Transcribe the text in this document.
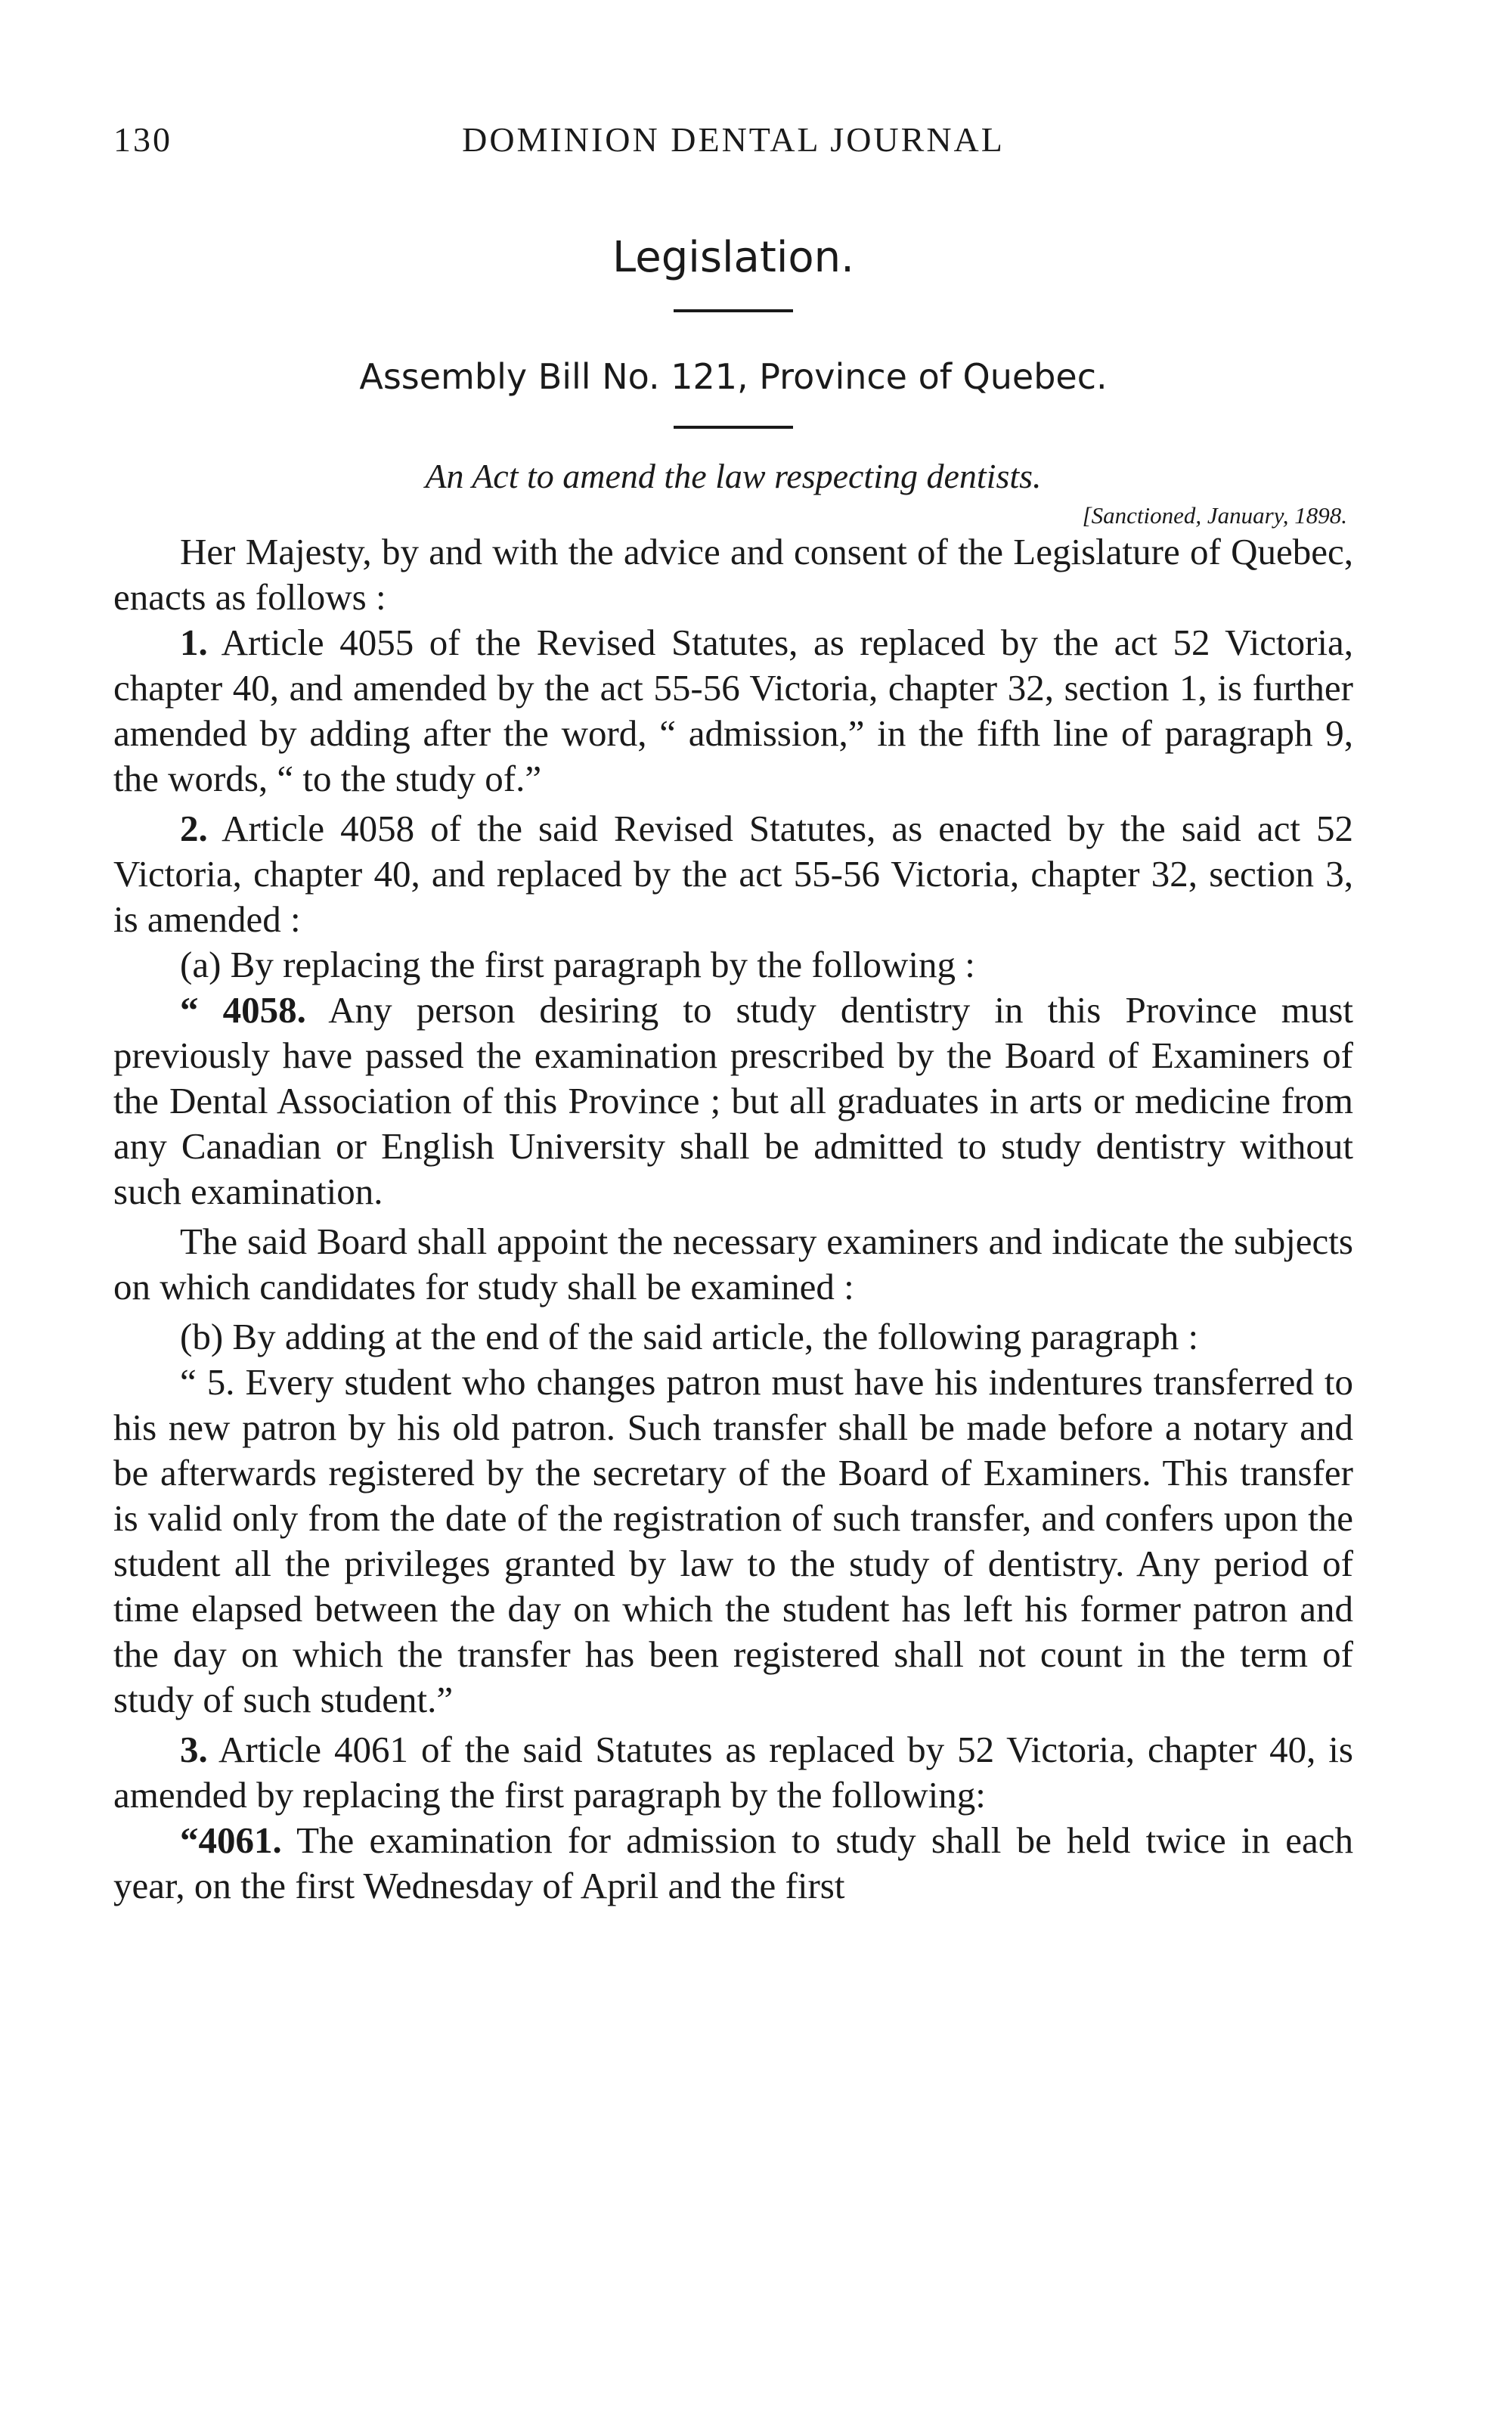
130	DOMINION DENTAL JOURNAL
Legislation.
Assembly Bill No. 121, Province of Quebec.
An Act to amend the law respecting dentists.
[Sanctioned, January, 1898.

Her Majesty, by and with the advice and consent of the Legislature of Quebec, enacts as follows :

1. Article 4055 of the Revised Statutes, as replaced by the act 52 Victoria, chapter 40, and amended by the act 55-56 Victoria, chapter 32, section 1, is further amended by adding after the word, “ admission,” in the fifth line of paragraph 9, the words, “ to the study of.”

2. Article 4058 of the said Revised Statutes, as enacted by the said act 52 Victoria, chapter 40, and replaced by the act 55-56 Victoria, chapter 32, section 3, is amended :

(a) By replacing the first paragraph by the following :

“ 4058. Any person desiring to study dentistry in this Province must previously have passed the examination prescribed by the Board of Examiners of the Dental Association of this Province ; but all graduates in arts or medicine from any Canadian or English University shall be admitted to study dentistry without such examination.

The said Board shall appoint the necessary examiners and indicate the subjects on which candidates for study shall be examined :

(b) By adding at the end of the said article, the following paragraph :

“ 5. Every student who changes patron must have his indentures transferred to his new patron by his old patron. Such transfer shall be made before a notary and be afterwards registered by the secretary of the Board of Examiners. This transfer is valid only from the date of the registration of such transfer, and confers upon the student all the privileges granted by law to the study of dentistry. Any period of time elapsed between the day on which the student has left his former patron and the day on which the transfer has been registered shall not count in the term of study of such student.”

3. Article 4061 of the said Statutes as replaced by 52 Victoria, chapter 40, is amended by replacing the first paragraph by the following:

“4061. The examination for admission to study shall be held twice in each year, on the first Wednesday of April and the first
